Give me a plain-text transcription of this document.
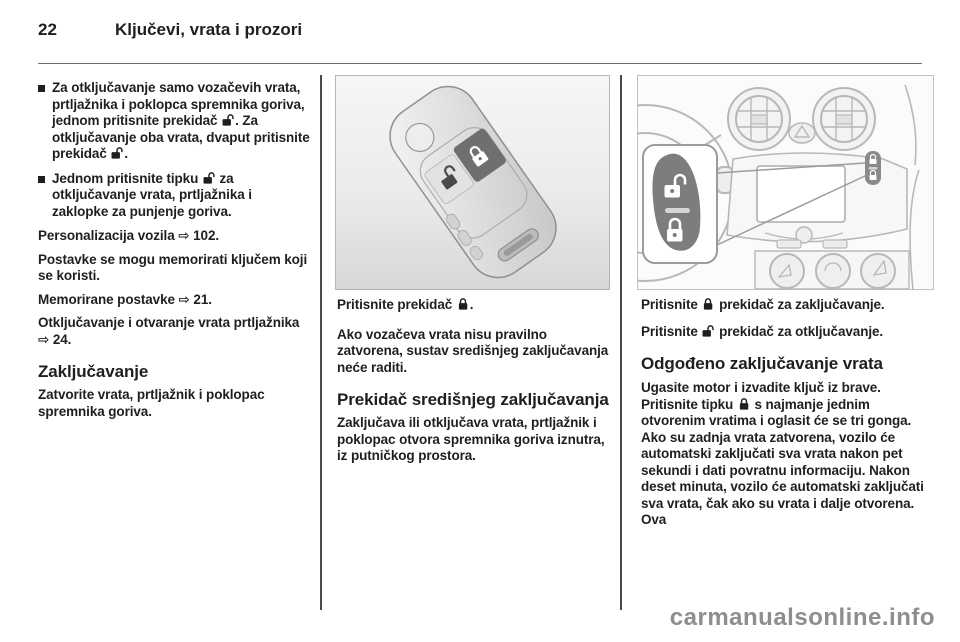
22	Ključevi, vrata i prozori
Za otključavanje samo vozačevih vrata, prtljažnika i poklopca spremnika goriva, jednom pritisnite prekidač . Za otključavanje oba vrata, dvaput pritisnite prekidač .
Jednom pritisnite tipku  za otključavanje vrata, prtljažnika i zaklopke za punjenje goriva.

Personalizacija vozila ⇨ 102.

Postavke se mogu memorirati ključem koji se koristi.

Memorirane postavke ⇨ 21.

Otključavanje i otvaranje vrata prtljažnika ⇨ 24.

Zaključavanje

Zatvorite vrata, prtljažnik i poklopac spremnika goriva.

Pritisnite prekidač .

Ako vozačeva vrata nisu pravilno zatvorena, sustav središnjeg zaključavanja neće raditi.

Prekidač središnjeg zaključavanja

Zaključava ili otključava vrata, prtljažnik i poklopac otvora spremnika goriva iznutra, iz putničkog prostora.

Pritisnite  prekidač za zaključavanje.

Pritisnite  prekidač za otključavanje.

Odgođeno zaključavanje vrata

Ugasite motor i izvadite ključ iz brave. Pritisnite tipku  s najmanje jednim otvorenim vratima i oglasit će se tri gonga. Ako su zadnja vrata zatvorena, vozilo će automatski zaključati sva vrata nakon pet sekundi i dati povratnu informaciju. Nakon deset minuta, vozilo će automatski zaključati sva vrata, čak ako su vrata i dalje otvorena. Ova

carmanualsonline.info
